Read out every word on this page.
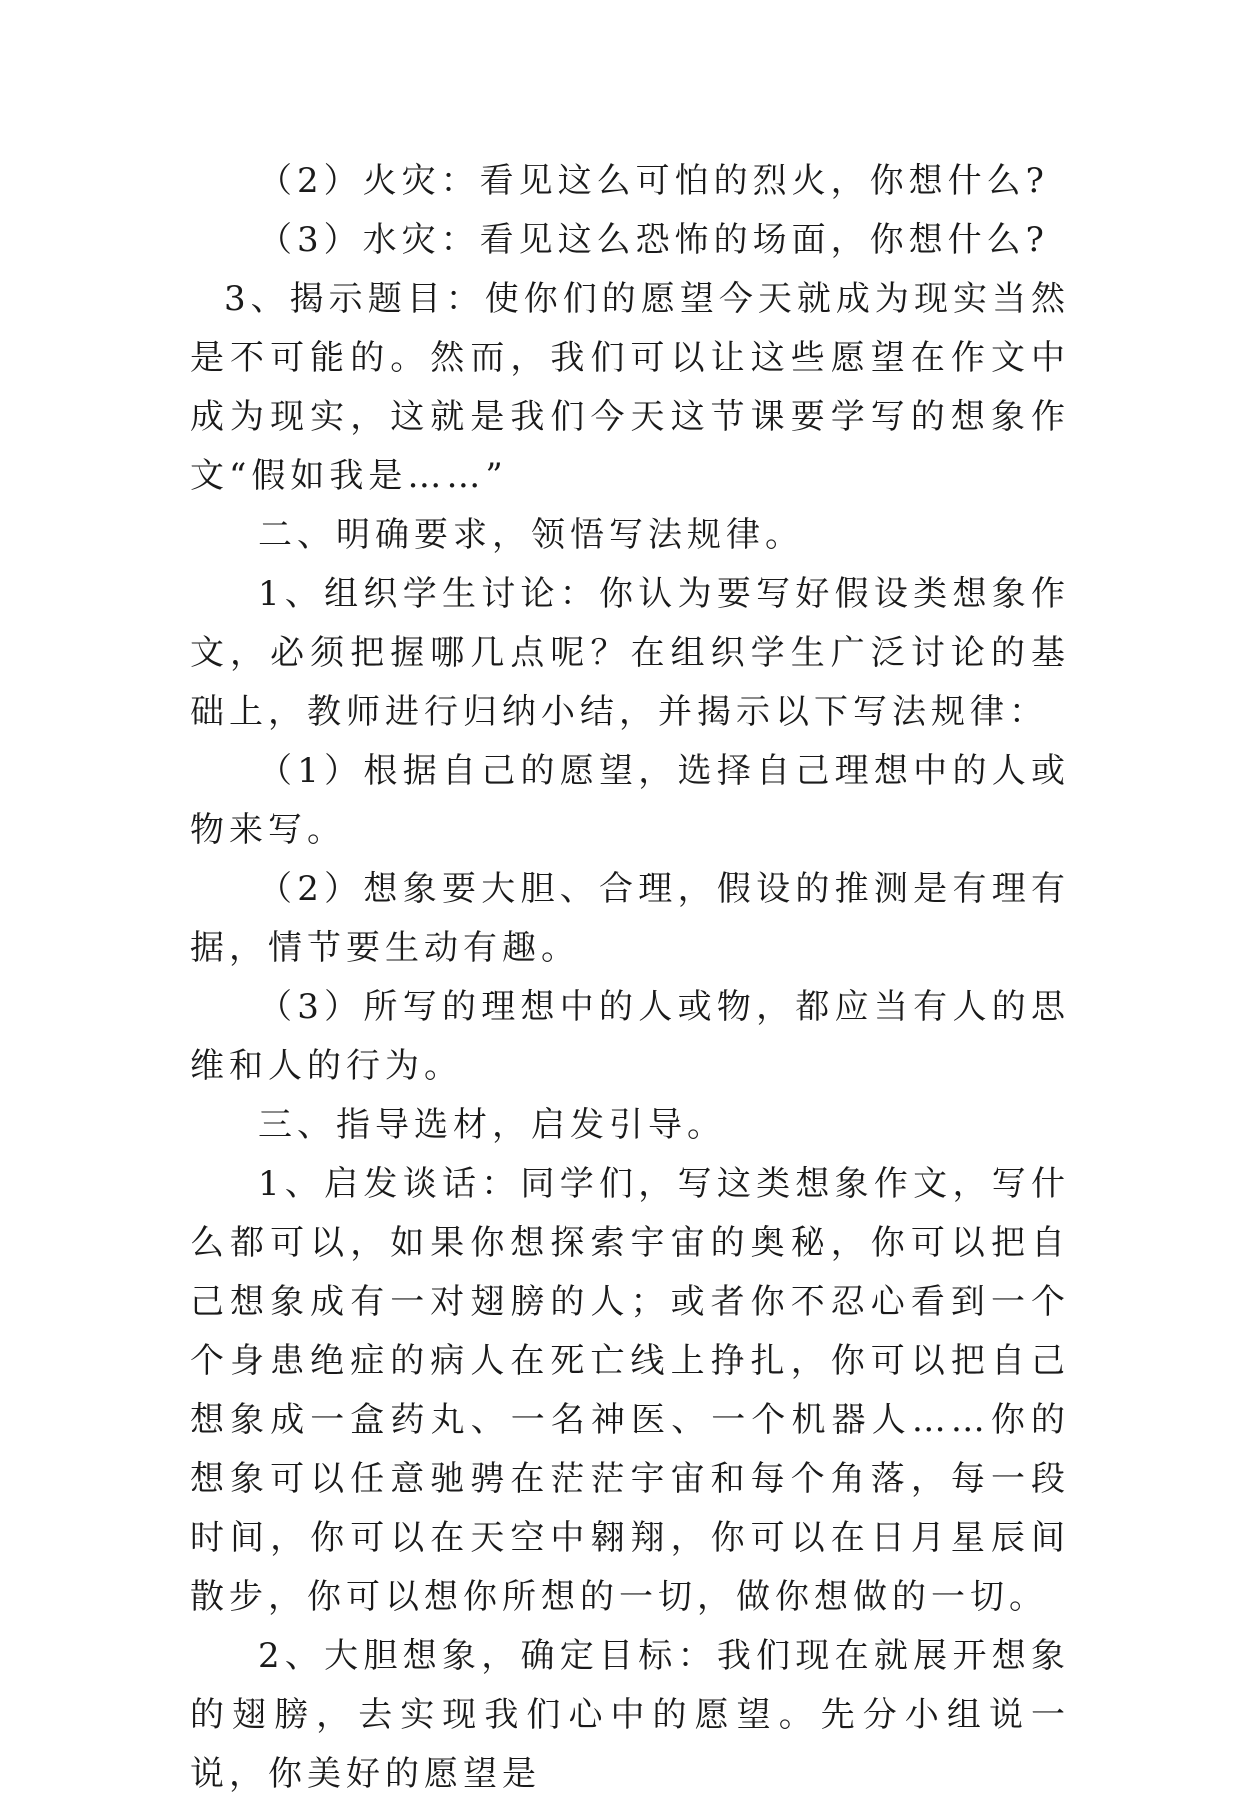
（2）火灾：看见这么可怕的烈火，你想什么?

（3）水灾：看见这么恐怖的场面，你想什么?

3、揭示题目：使你们的愿望今天就成为现实当然是不可能的。然而，我们可以让这些愿望在作文中成为现实，这就是我们今天这节课要学写的想象作文“假如我是……”

二、明确要求，领悟写法规律。

1、组织学生讨论：你认为要写好假设类想象作文，必须把握哪几点呢？在组织学生广泛讨论的基础上，教师进行归纳小结，并揭示以下写法规律：

（1）根据自己的愿望，选择自己理想中的人或物来写。

（2）想象要大胆、合理，假设的推测是有理有据，情节要生动有趣。

（3）所写的理想中的人或物，都应当有人的思维和人的行为。

三、指导选材，启发引导。

1、启发谈话：同学们，写这类想象作文，写什么都可以，如果你想探索宇宙的奥秘，你可以把自己想象成有一对翅膀的人；或者你不忍心看到一个个身患绝症的病人在死亡线上挣扎，你可以把自己想象成一盒药丸、一名神医、一个机器人……你的想象可以任意驰骋在茫茫宇宙和每个角落，每一段时间，你可以在天空中翱翔，你可以在日月星辰间散步，你可以想你所想的一切，做你想做的一切。

2、大胆想象，确定目标：我们现在就展开想象的翅膀，去实现我们心中的愿望。先分小组说一说，你美好的愿望是
